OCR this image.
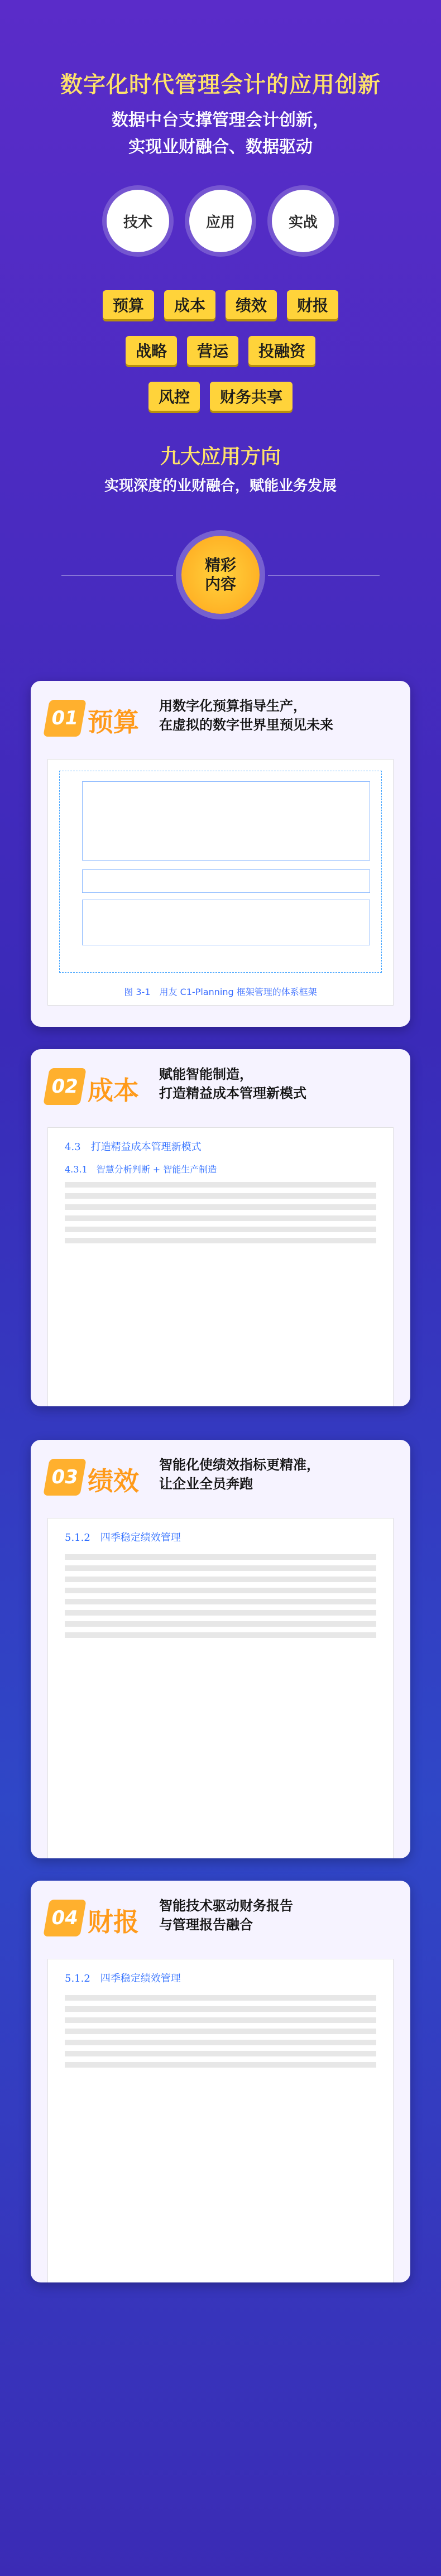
数字化时代管理会计的应用创新
数据中台支撑管理会计创新，
实现业财融合、数据驱动
技术	应用	实战
预算	成本	绩效	财报
战略	营运	投融资
风控	财务共享
九大应用方向
实现深度的业财融合，赋能业务发展
精彩
内容
01 预算
用数字化预算指导生产，
在虚拟的数字世界里预见未来
图 3-1　用友 C1-Planning 框架管理的体系框架
02 成本
赋能智能制造，
打造精益成本管理新模式
4.3　打造精益成本管理新模式
4.3.1　智慧分析判断 + 智能生产制造
03 绩效
智能化使绩效指标更精准，
让企业全员奔跑
5.1.2　四季稳定绩效管理
04 财报
智能技术驱动财务报告
与管理报告融合
5.1.2　四季稳定绩效管理
